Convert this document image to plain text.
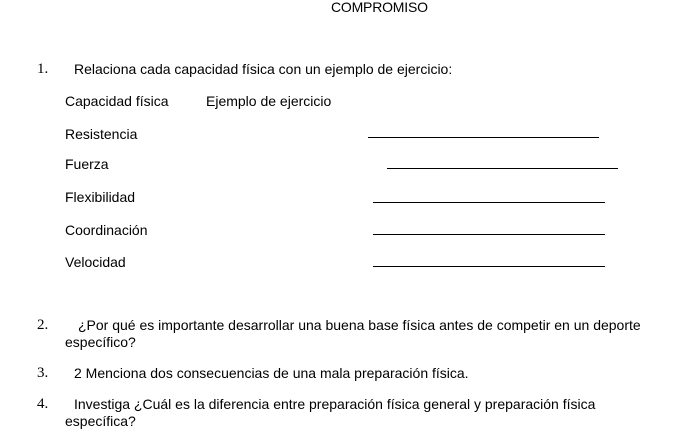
COMPROMISO
1. Relaciona cada capacidad física con un ejemplo de ejercicio:
Capacidad física	Ejemplo de ejercicio
Resistencia
Fuerza
Flexibilidad
Coordinación
Velocidad
2. ¿Por qué es importante desarrollar una buena base física antes de competir en un deporte
específico?
3. 2 Menciona dos consecuencias de una mala preparación física.
4. Investiga ¿Cuál es la diferencia entre preparación física general y preparación física
específica?
